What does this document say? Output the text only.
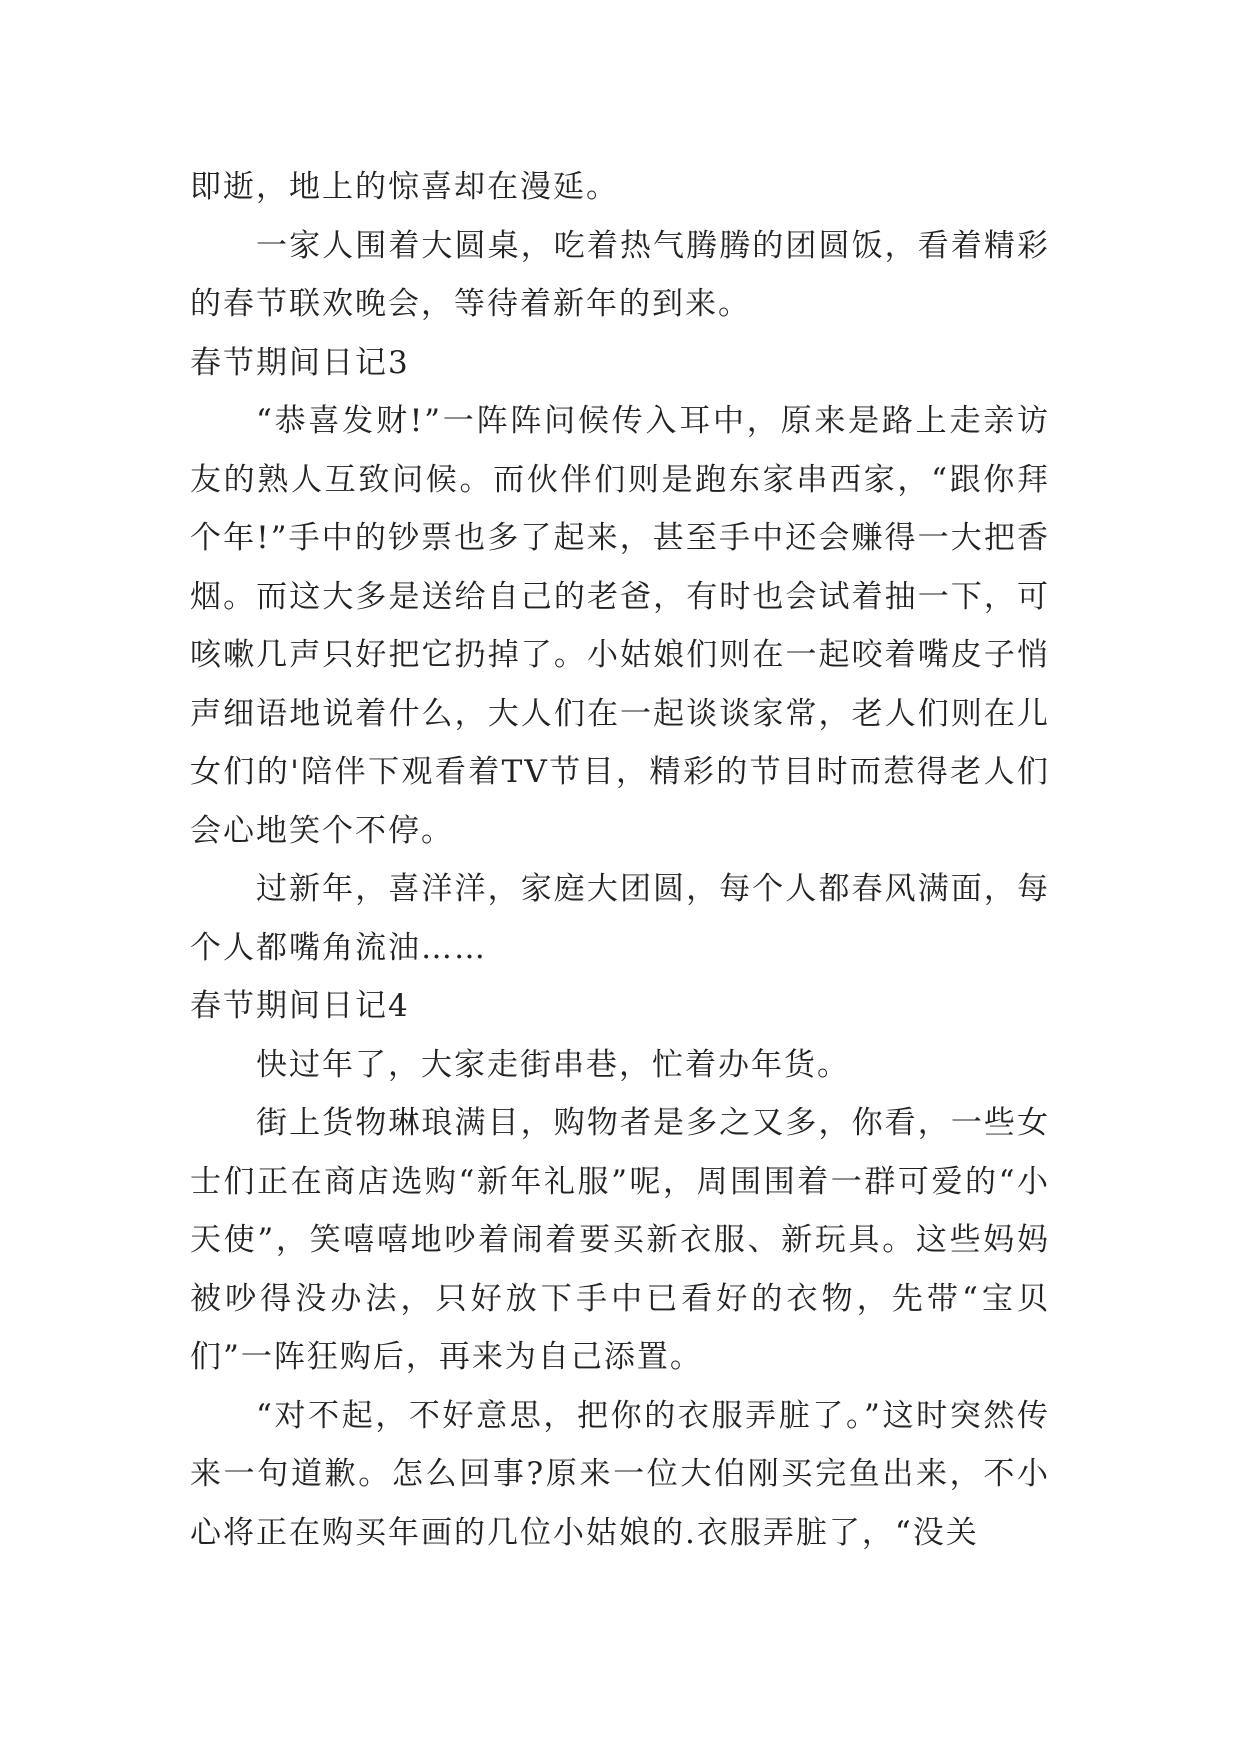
即逝，地上的惊喜却在漫延。

一家人围着大圆桌，吃着热气腾腾的团圆饭，看着精彩的春节联欢晚会，等待着新年的到来。

春节期间日记3

“恭喜发财!”一阵阵问候传入耳中，原来是路上走亲访友的熟人互致问候。而伙伴们则是跑东家串西家，“跟你拜个年!”手中的钞票也多了起来，甚至手中还会赚得一大把香烟。而这大多是送给自己的老爸，有时也会试着抽一下，可咳嗽几声只好把它扔掉了。小姑娘们则在一起咬着嘴皮子悄声细语地说着什么，大人们在一起谈谈家常，老人们则在儿女们的'陪伴下观看着TV节目，精彩的节目时而惹得老人们会心地笑个不停。

过新年，喜洋洋，家庭大团圆，每个人都春风满面，每个人都嘴角流油……

春节期间日记4

快过年了，大家走街串巷，忙着办年货。

街上货物琳琅满目，购物者是多之又多，你看，一些女士们正在商店选购“新年礼服”呢，周围围着一群可爱的“小天使”，笑嘻嘻地吵着闹着要买新衣服、新玩具。这些妈妈被吵得没办法，只好放下手中已看好的衣物，先带“宝贝们”一阵狂购后，再来为自己添置。

“对不起，不好意思，把你的衣服弄脏了。”这时突然传来一句道歉。怎么回事?原来一位大伯刚买完鱼出来，不小心将正在购买年画的几位小姑娘的.衣服弄脏了，“没关
